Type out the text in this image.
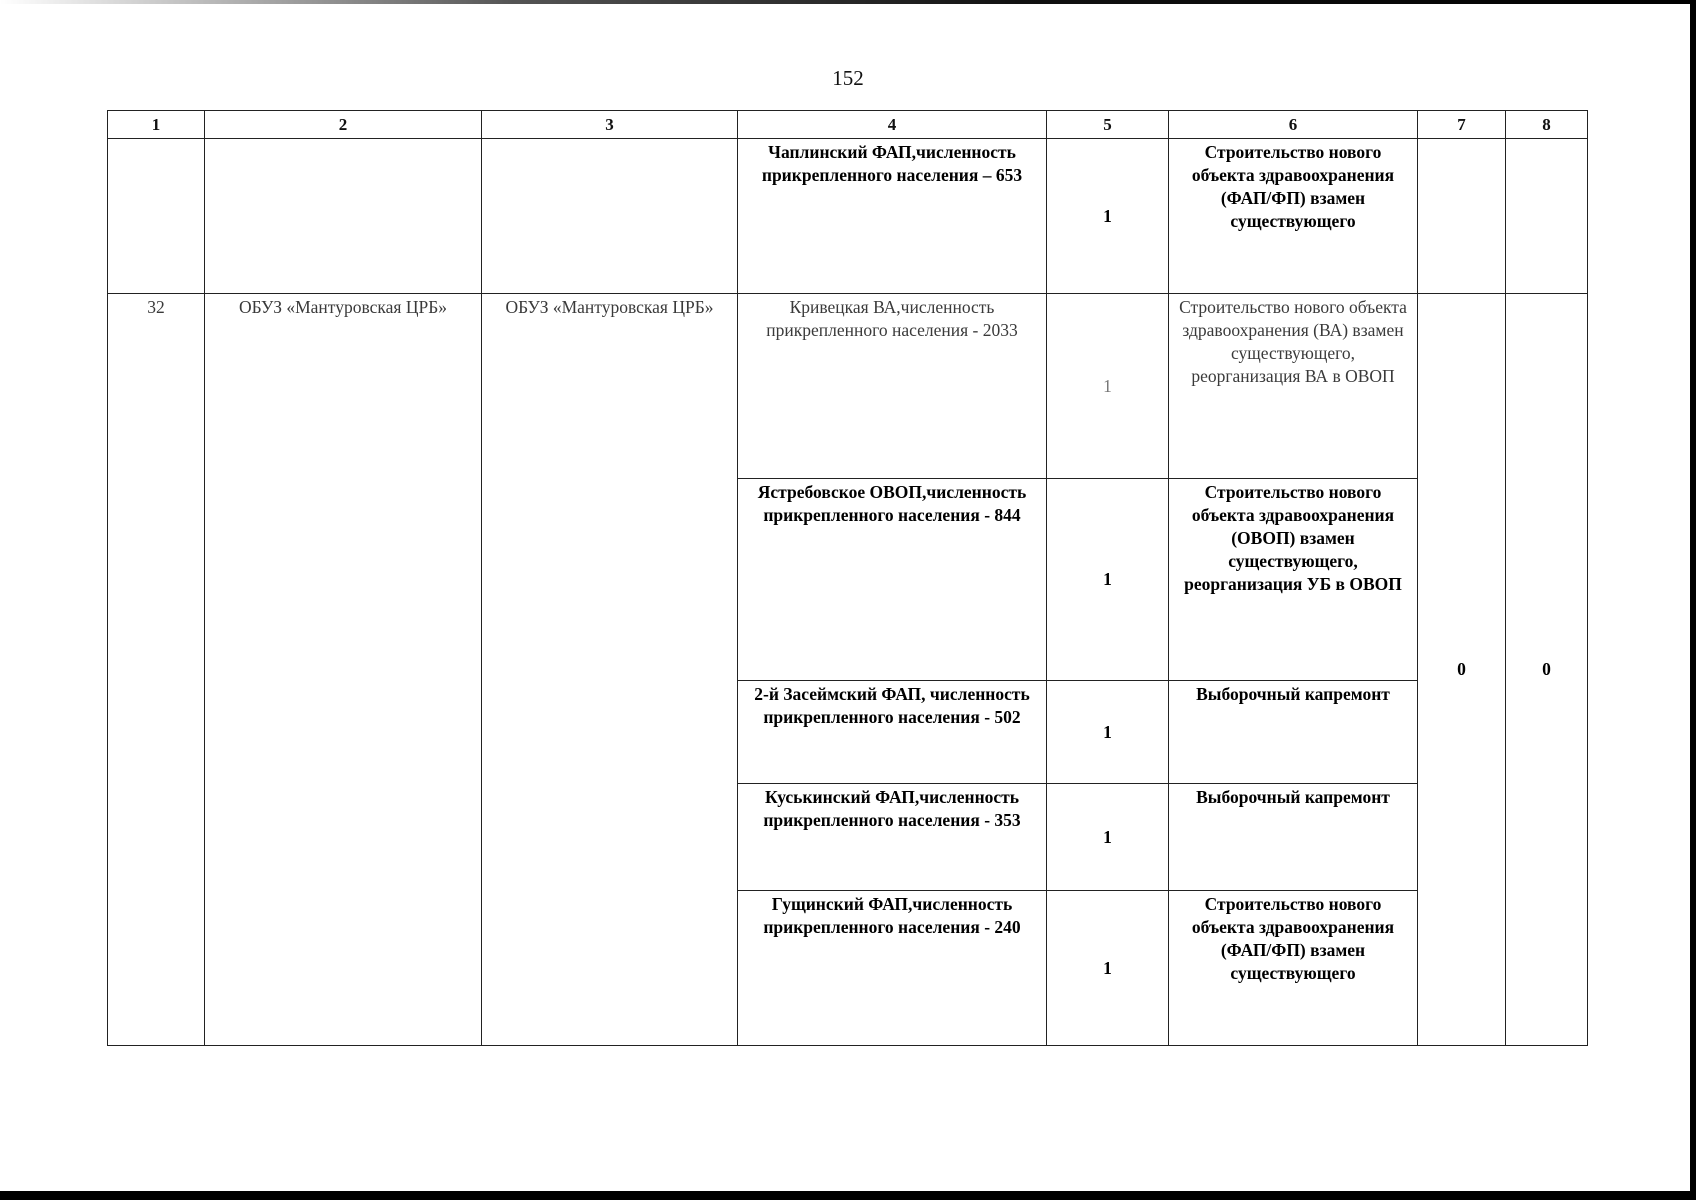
152
1	2	3	4	5	6	7	8
			Чаплинский ФАП,численность прикрепленного населения – 653	1	Строительство нового объекта здравоохранения (ФАП/ФП) взамен существующего		
32	ОБУЗ «Мантуровская ЦРБ»	ОБУЗ «Мантуровская ЦРБ»	Кривецкая ВА,численность прикрепленного населения - 2033	1	Строительство нового объекта здравоохранения (ВА) взамен существующего, реорганизация ВА в ОВОП	0	0
			Ястребовское ОВОП,численность прикрепленного населения - 844	1	Строительство нового объекта здравоохранения (ОВОП) взамен существующего, реорганизация УБ в ОВОП		
			2-й Засеймский ФАП, численность прикрепленного населения - 502	1	Выборочный капремонт		
			Куськинский ФАП,численность прикрепленного населения - 353	1	Выборочный капремонт		
			Гущинский ФАП,численность прикрепленного населения - 240	1	Строительство нового объекта здравоохранения (ФАП/ФП) взамен существующего		
